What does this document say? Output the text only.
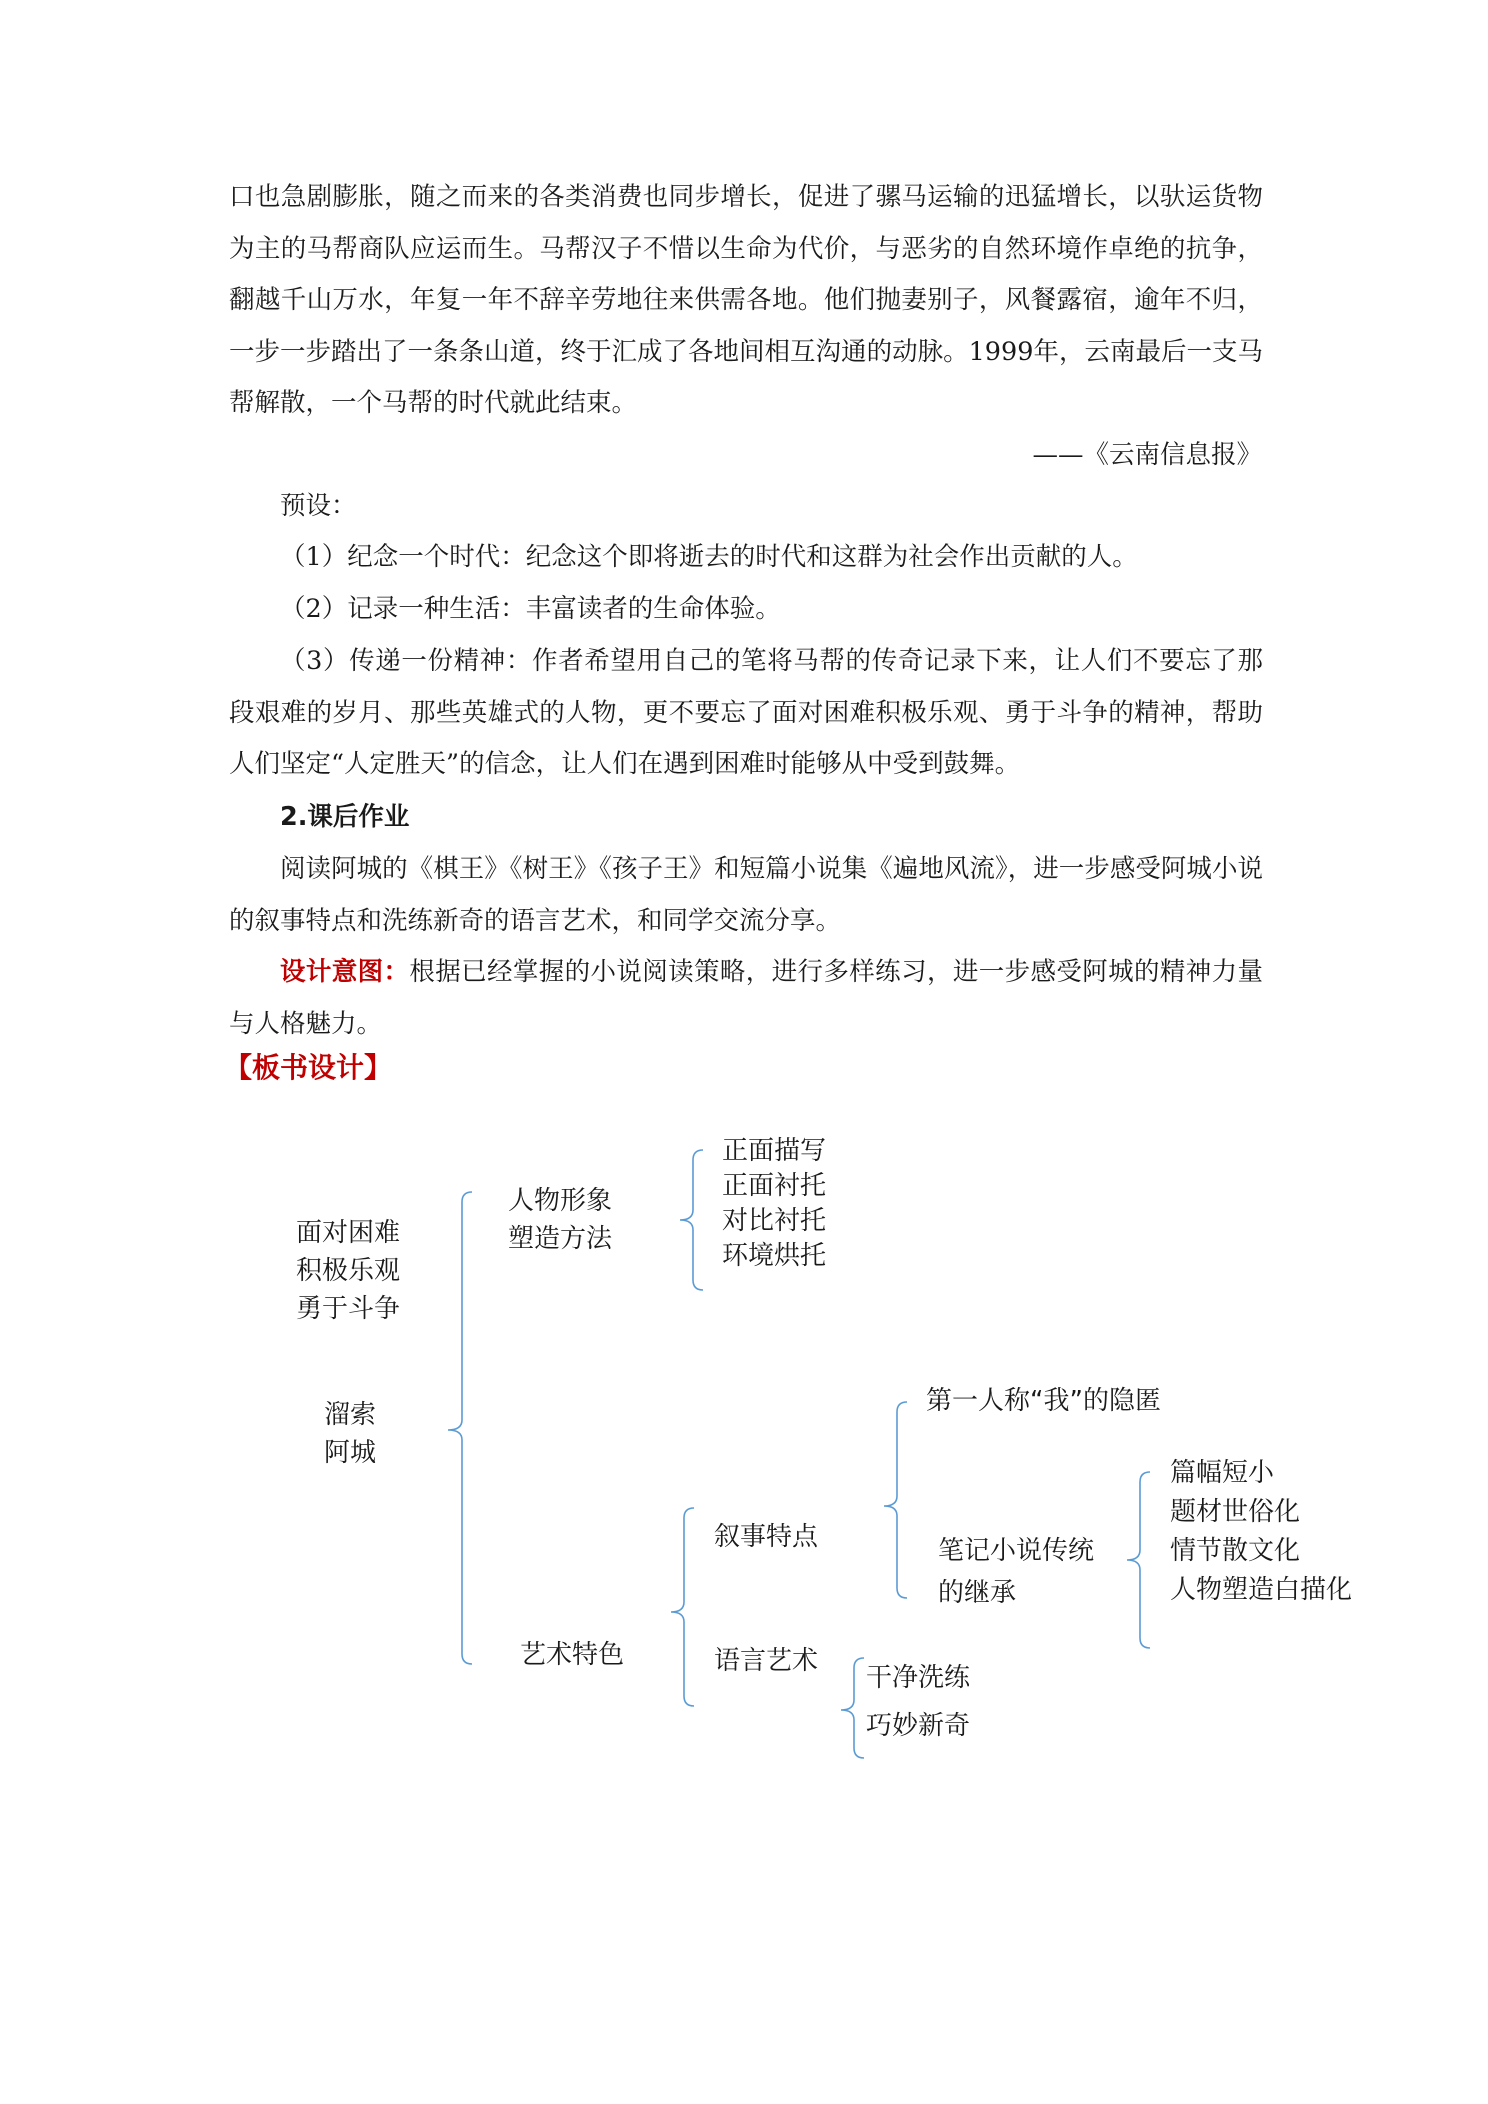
口也急剧膨胀，随之而来的各类消费也同步增长，促进了骡马运输的迅猛增长，以驮运货物为主的马帮商队应运而生。马帮汉子不惜以生命为代价，与恶劣的自然环境作卓绝的抗争，翻越千山万水，年复一年不辞辛劳地往来供需各地。他们抛妻别子，风餐露宿，逾年不归，一步一步踏出了一条条山道，终于汇成了各地间相互沟通的动脉。1999年，云南最后一支马帮解散，一个马帮的时代就此结束。

——《云南信息报》

预设：

（1）纪念一个时代：纪念这个即将逝去的时代和这群为社会作出贡献的人。

（2）记录一种生活：丰富读者的生命体验。

（3）传递一份精神：作者希望用自己的笔将马帮的传奇记录下来，让人们不要忘了那段艰难的岁月、那些英雄式的人物，更不要忘了面对困难积极乐观、勇于斗争的精神，帮助人们坚定“人定胜天”的信念，让人们在遇到困难时能够从中受到鼓舞。

2.课后作业

阅读阿城的《棋王》《树王》《孩子王》和短篇小说集《遍地风流》，进一步感受阿城小说的叙事特点和洗练新奇的语言艺术，和同学交流分享。

设计意图：根据已经掌握的小说阅读策略，进行多样练习，进一步感受阿城的精神力量与人格魅力。

【板书设计】

面对困难
积极乐观
勇于斗争
溜索
阿城
人物形象
塑造方法
正面描写
正面衬托
对比衬托
环境烘托
艺术特色
叙事特点
第一人称“我”的隐匿
笔记小说传统
的继承
篇幅短小
题材世俗化
情节散文化
人物塑造白描化
语言艺术
干净洗练
巧妙新奇
